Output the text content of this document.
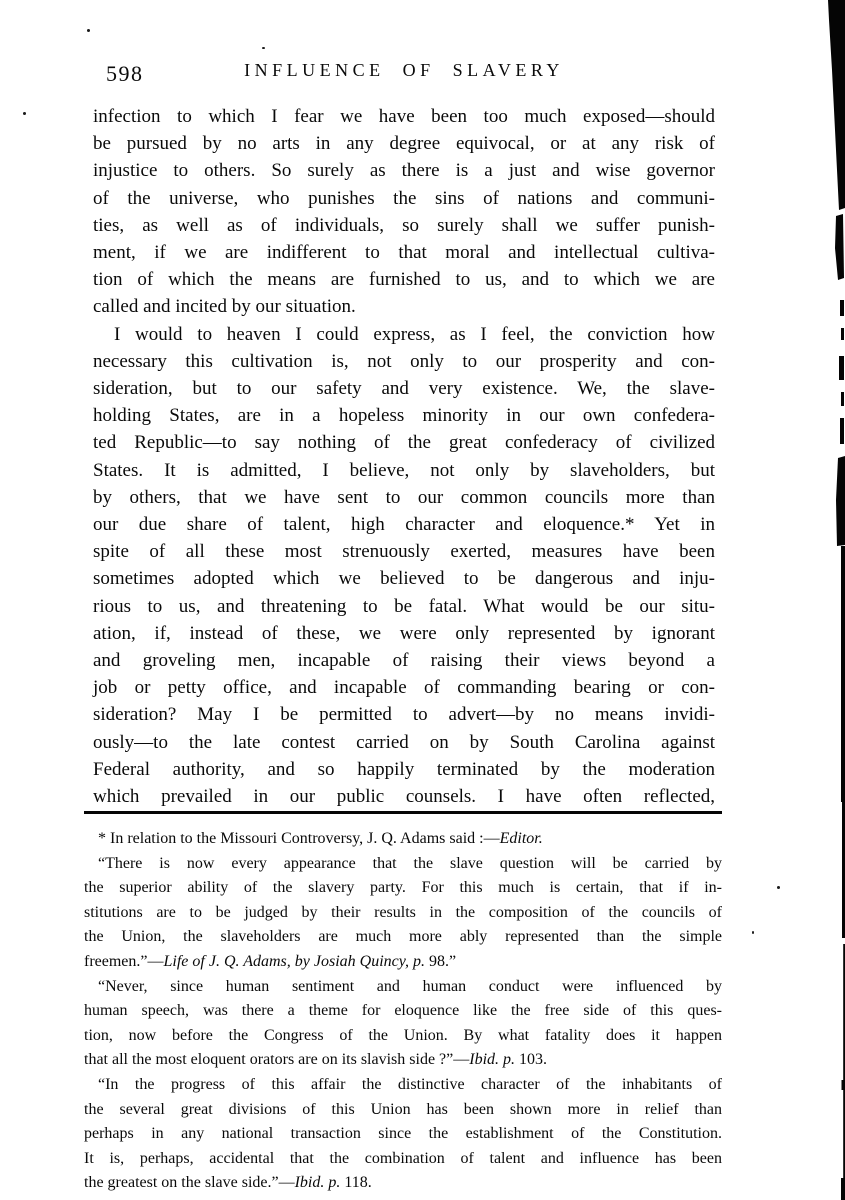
598	INFLUENCE OF SLAVERY
infection to which I fear we have been too much exposed—should
be pursued by no arts in any degree equivocal, or at any risk of
injustice to others. So surely as there is a just and wise governor
of the universe, who punishes the sins of nations and communi-
ties, as well as of individuals, so surely shall we suffer punish-
ment, if we are indifferent to that moral and intellectual cultiva-
tion of which the means are furnished to us, and to which we are
called and incited by our situation.
I would to heaven I could express, as I feel, the conviction how
necessary this cultivation is, not only to our prosperity and con-
sideration, but to our safety and very existence. We, the slave-
holding States, are in a hopeless minority in our own confedera-
ted Republic—to say nothing of the great confederacy of civilized
States. It is admitted, I believe, not only by slaveholders, but
by others, that we have sent to our common councils more than
our due share of talent, high character and eloquence.* Yet in
spite of all these most strenuously exerted, measures have been
sometimes adopted which we believed to be dangerous and inju-
rious to us, and threatening to be fatal. What would be our situ-
ation, if, instead of these, we were only represented by ignorant
and groveling men, incapable of raising their views beyond a
job or petty office, and incapable of commanding bearing or con-
sideration? May I be permitted to advert—by no means invidi-
ously—to the late contest carried on by South Carolina against
Federal authority, and so happily terminated by the moderation
which prevailed in our public counsels. I have often reflected,
* In relation to the Missouri Controversy, J. Q. Adams said :—Editor.
“There is now every appearance that the slave question will be carried by
the superior ability of the slavery party. For this much is certain, that if in-
stitutions are to be judged by their results in the composition of the councils of
the Union, the slaveholders are much more ably represented than the simple
freemen.”—Life of J. Q. Adams, by Josiah Quincy, p. 98.”
“Never, since human sentiment and human conduct were influenced by
human speech, was there a theme for eloquence like the free side of this ques-
tion, now before the Congress of the Union. By what fatality does it happen
that all the most eloquent orators are on its slavish side ?”—Ibid. p. 103.
“In the progress of this affair the distinctive character of the inhabitants of
the several great divisions of this Union has been shown more in relief than
perhaps in any national transaction since the establishment of the Constitution.
It is, perhaps, accidental that the combination of talent and influence has been
the greatest on the slave side.”—Ibid. p. 118.
